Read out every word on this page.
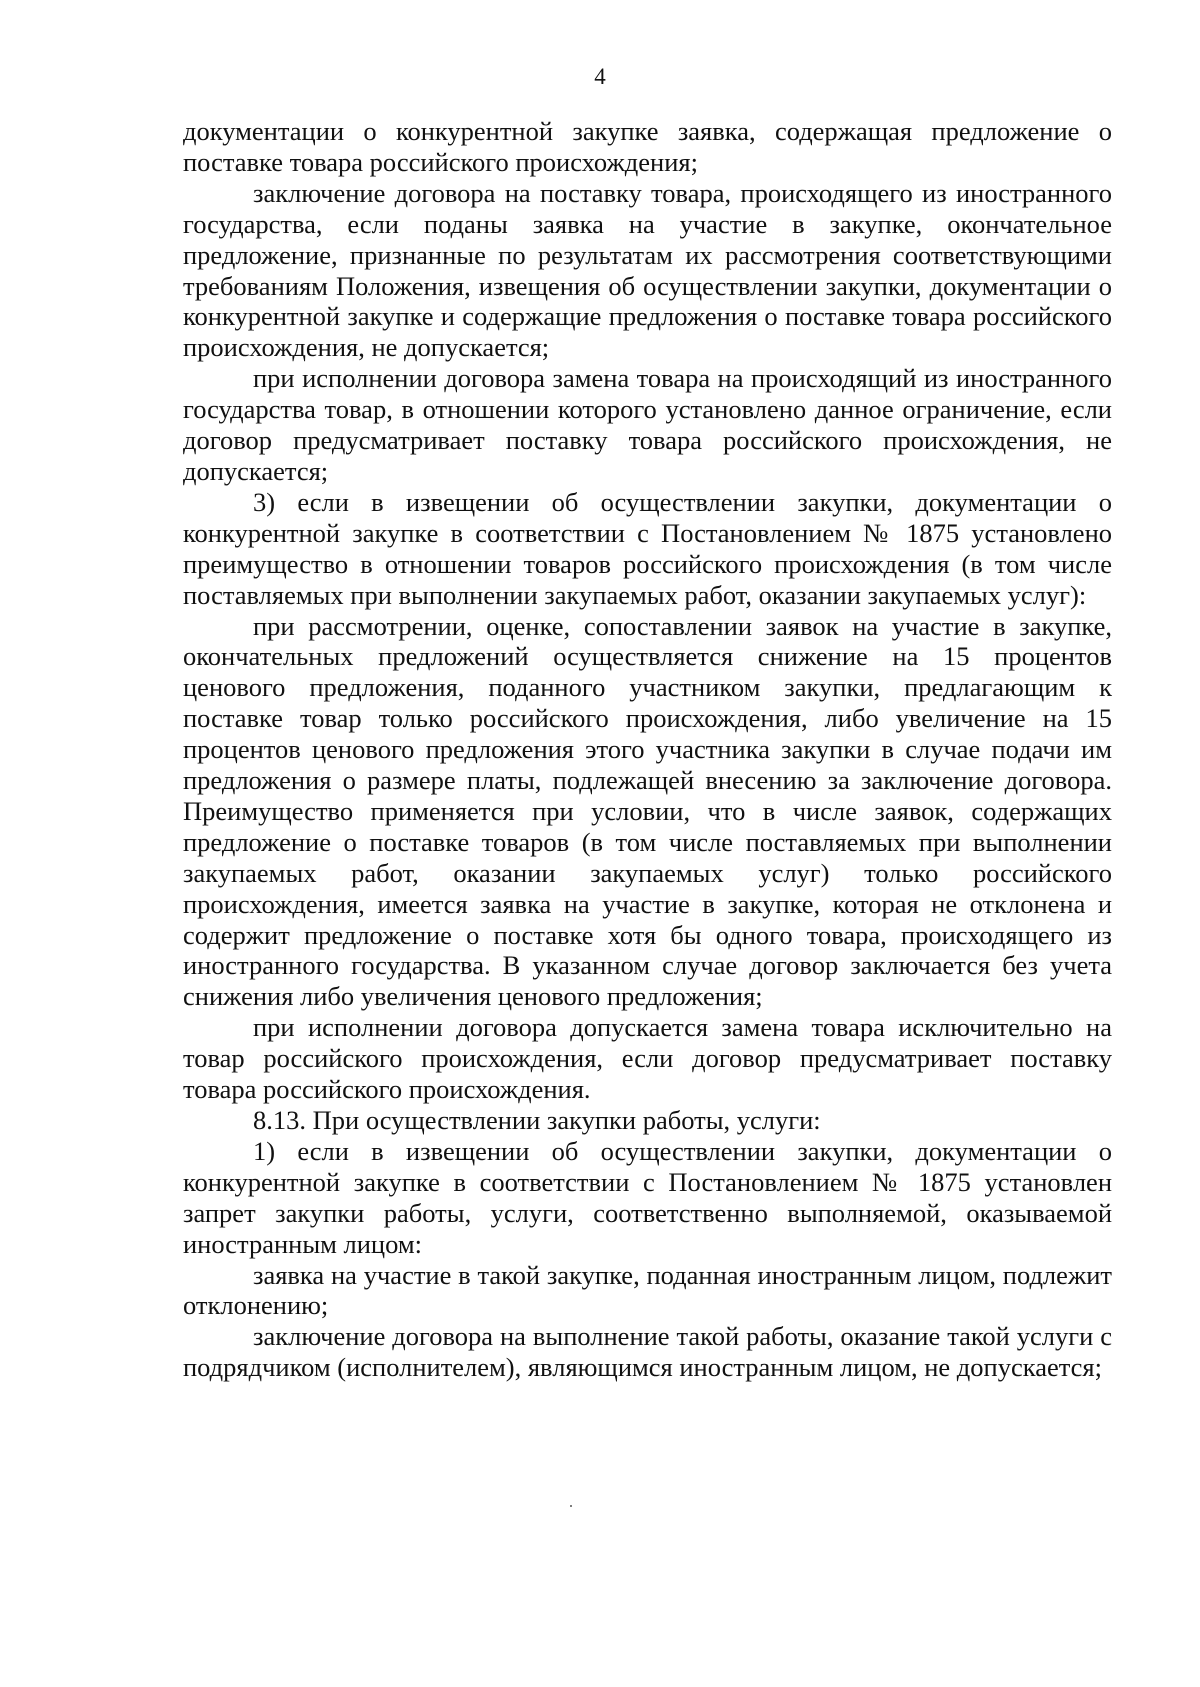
4

документации о конкурентной закупке заявка, содержащая предложение о поставке товара российского происхождения;

заключение договора на поставку товара, происходящего из иностранного государства, если поданы заявка на участие в закупке, окончательное предложение, признанные по результатам их рассмотрения соответствующими требованиям Положения, извещения об осуществлении закупки, документации о конкурентной закупке и содержащие предложения о поставке товара российского происхождения, не допускается;

при исполнении договора замена товара на происходящий из иностранного государства товар, в отношении которого установлено данное ограничение, если договор предусматривает поставку товара российского происхождения, не допускается;

3) если в извещении об осуществлении закупки, документации о конкурентной закупке в соответствии с Постановлением № 1875 установлено преимущество в отношении товаров российского происхождения (в том числе поставляемых при выполнении закупаемых работ, оказании закупаемых услуг):

при рассмотрении, оценке, сопоставлении заявок на участие в закупке, окончательных предложений осуществляется снижение на 15 процентов ценового предложения, поданного участником закупки, предлагающим к поставке товар только российского происхождения, либо увеличение на 15 процентов ценового предложения этого участника закупки в случае подачи им предложения о размере платы, подлежащей внесению за заключение договора. Преимущество применяется при условии, что в числе заявок, содержащих предложение о поставке товаров (в том числе поставляемых при выполнении закупаемых работ, оказании закупаемых услуг) только российского происхождения, имеется заявка на участие в закупке, которая не отклонена и содержит предложение о поставке хотя бы одного товара, происходящего из иностранного государства. В указанном случае договор заключается без учета снижения либо увеличения ценового предложения;

при исполнении договора допускается замена товара исключительно на товар российского происхождения, если договор предусматривает поставку товара российского происхождения.

8.13. При осуществлении закупки работы, услуги:

1) если в извещении об осуществлении закупки, документации о конкурентной закупке в соответствии с Постановлением № 1875 установлен запрет закупки работы, услуги, соответственно выполняемой, оказываемой иностранным лицом:

заявка на участие в такой закупке, поданная иностранным лицом, подлежит отклонению;

заключение договора на выполнение такой работы, оказание такой услуги с подрядчиком (исполнителем), являющимся иностранным лицом, не допускается;
